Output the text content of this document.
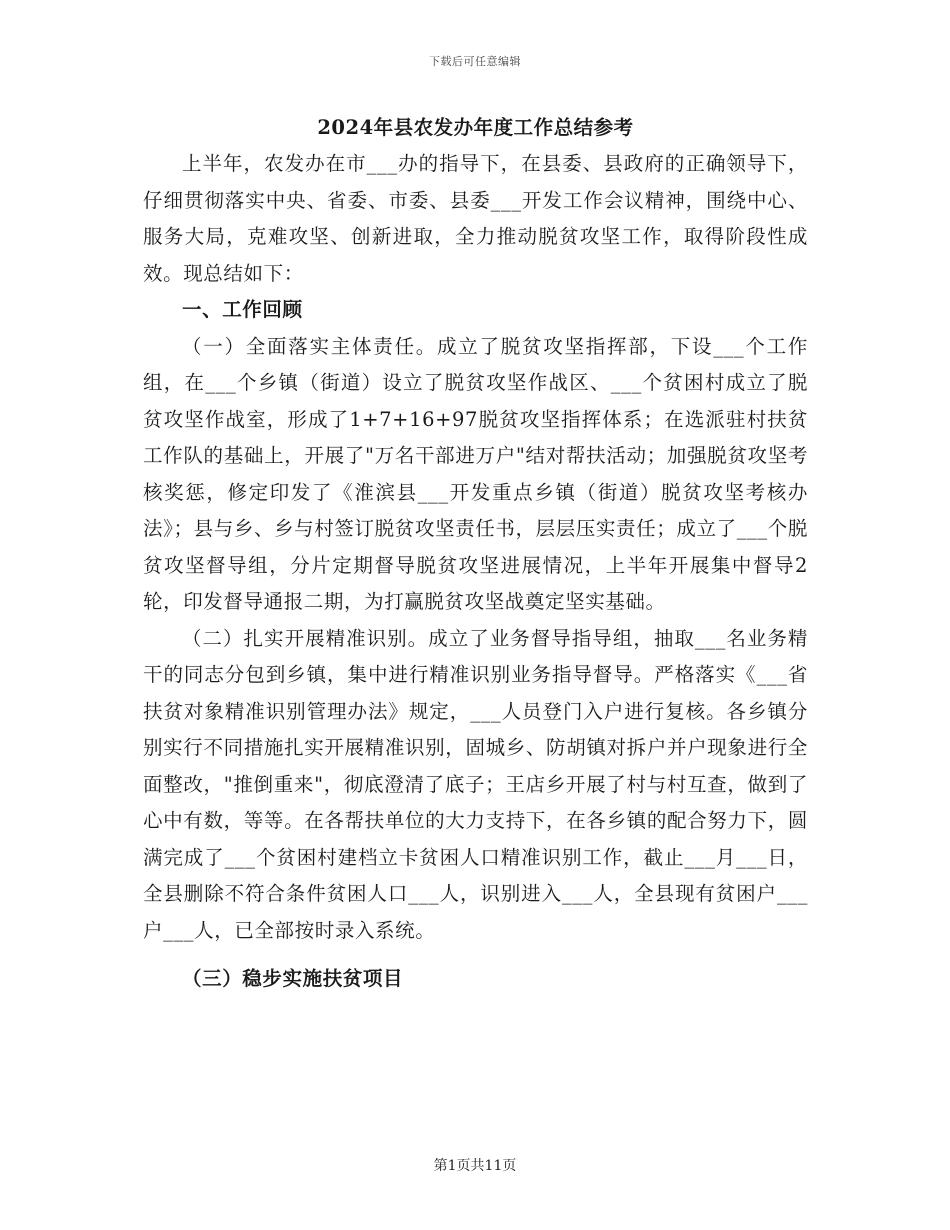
下载后可任意编辑
2024年县农发办年度工作总结参考

上半年，农发办在市___办的指导下，在县委、县政府的正确领导下，仔细贯彻落实中央、省委、市委、县委___开发工作会议精神，围绕中心、服务大局，克难攻坚、创新进取，全力推动脱贫攻坚工作，取得阶段性成效。现总结如下：

一、工作回顾

（一）全面落实主体责任。成立了脱贫攻坚指挥部，下设___个工作组，在___个乡镇（街道）设立了脱贫攻坚作战区、___个贫困村成立了脱贫攻坚作战室，形成了1+7+16+97脱贫攻坚指挥体系；在选派驻村扶贫工作队的基础上，开展了"万名干部进万户"结对帮扶活动；加强脱贫攻坚考核奖惩，修定印发了《淮滨县___开发重点乡镇（街道）脱贫攻坚考核办法》；县与乡、乡与村签订脱贫攻坚责任书，层层压实责任；成立了___个脱贫攻坚督导组，分片定期督导脱贫攻坚进展情况，上半年开展集中督导2轮，印发督导通报二期，为打赢脱贫攻坚战奠定坚实基础。

（二）扎实开展精准识别。成立了业务督导指导组，抽取___名业务精干的同志分包到乡镇，集中进行精准识别业务指导督导。严格落实《___省扶贫对象精准识别管理办法》规定，___人员登门入户进行复核。各乡镇分别实行不同措施扎实开展精准识别，固城乡、防胡镇对拆户并户现象进行全面整改，"推倒重来"，彻底澄清了底子；王店乡开展了村与村互查，做到了心中有数，等等。在各帮扶单位的大力支持下，在各乡镇的配合努力下，圆满完成了___个贫困村建档立卡贫困人口精准识别工作，截止___月___日，全县删除不符合条件贫困人口___人，识别进入___人，全县现有贫困户___户___人，已全部按时录入系统。

（三）稳步实施扶贫项目

第1页共11页
